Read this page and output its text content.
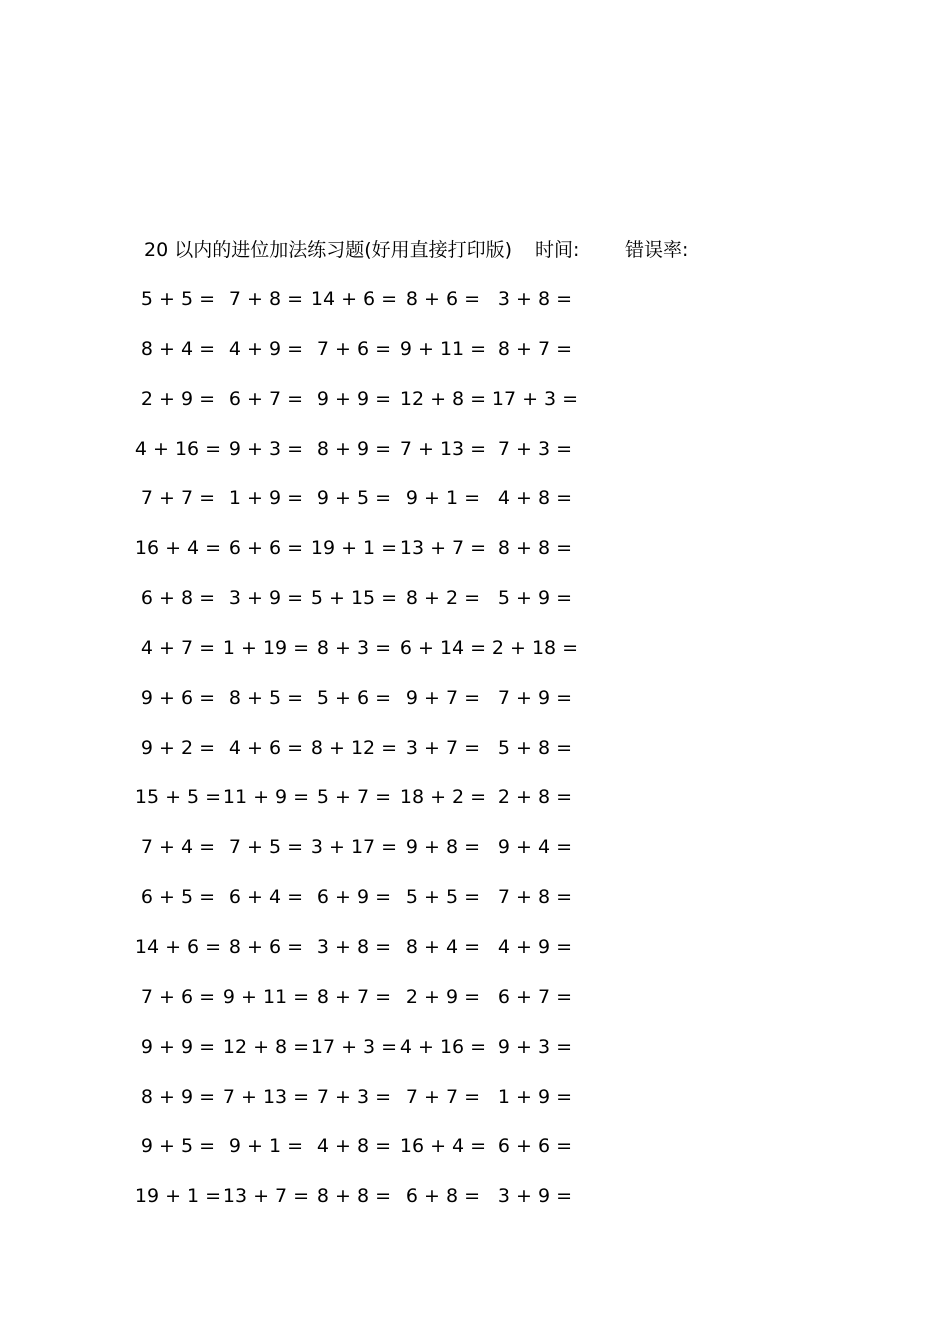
20 以内的进位加法练习题(好用直接打印版) 时间: 错误率:
5 + 5 = 7 + 8 = 14 + 6 = 8 + 6 = 3 + 8 =
8 + 4 = 4 + 9 = 7 + 6 = 9 + 11 = 8 + 7 =
2 + 9 = 6 + 7 = 9 + 9 = 12 + 8 = 17 + 3 =
4 + 16 = 9 + 3 = 8 + 9 = 7 + 13 = 7 + 3 =
7 + 7 = 1 + 9 = 9 + 5 = 9 + 1 = 4 + 8 =
16 + 4 = 6 + 6 = 19 + 1 = 13 + 7 = 8 + 8 =
6 + 8 = 3 + 9 = 5 + 15 = 8 + 2 = 5 + 9 =
4 + 7 = 1 + 19 = 8 + 3 = 6 + 14 = 2 + 18 =
9 + 6 = 8 + 5 = 5 + 6 = 9 + 7 = 7 + 9 =
9 + 2 = 4 + 6 = 8 + 12 = 3 + 7 = 5 + 8 =
15 + 5 = 11 + 9 = 5 + 7 = 18 + 2 = 2 + 8 =
7 + 4 = 7 + 5 = 3 + 17 = 9 + 8 = 9 + 4 =
6 + 5 = 6 + 4 = 6 + 9 = 5 + 5 = 7 + 8 =
14 + 6 = 8 + 6 = 3 + 8 = 8 + 4 = 4 + 9 =
7 + 6 = 9 + 11 = 8 + 7 = 2 + 9 = 6 + 7 =
9 + 9 = 12 + 8 = 17 + 3 = 4 + 16 = 9 + 3 =
8 + 9 = 7 + 13 = 7 + 3 = 7 + 7 = 1 + 9 =
9 + 5 = 9 + 1 = 4 + 8 = 16 + 4 = 6 + 6 =
19 + 1 = 13 + 7 = 8 + 8 = 6 + 8 = 3 + 9 =
